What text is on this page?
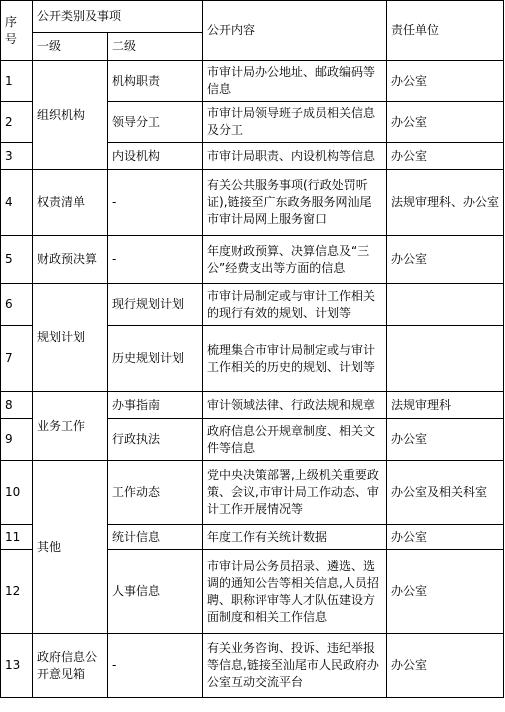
序号	公开类别及事项		公开内容	责任单位
	一级	二级		
1	组织机构	机构职责	市审计局办公地址、邮政编码等信息	办公室
2		领导分工	市审计局领导班子成员相关信息及分工	办公室
3		内设机构	市审计局职责、内设机构等信息	办公室
4	权责清单	-	有关公共服务事项(行政处罚听证),链接至广东政务服务网汕尾市审计局网上服务窗口	法规审理科、办公室
5	财政预决算	-	年度财政预算、决算信息及“三公”经费支出等方面的信息	办公室
6	规划计划	现行规划计划	市审计局制定或与审计工作相关的现行有效的规划、计划等	
7		历史规划计划	梳理集合市审计局制定或与审计工作相关的历史的规划、计划等	
8	业务工作	办事指南	审计领域法律、行政法规和规章	法规审理科
9		行政执法	政府信息公开规章制度、相关文件等信息	办公室
10	其他	工作动态	党中央决策部署,上级机关重要政策、会议,市审计局工作动态、审计工作开展情况等	办公室及相关科室
11		统计信息	年度工作有关统计数据	办公室
12		人事信息	市审计局公务员招录、遴选、选调的通知公告等相关信息,人员招聘、职称评审等人才队伍建设方面制度和相关工作信息	办公室
13	政府信息公开意见箱	-	有关业务咨询、投诉、违纪举报等信息,链接至汕尾市人民政府办公室互动交流平台	办公室
